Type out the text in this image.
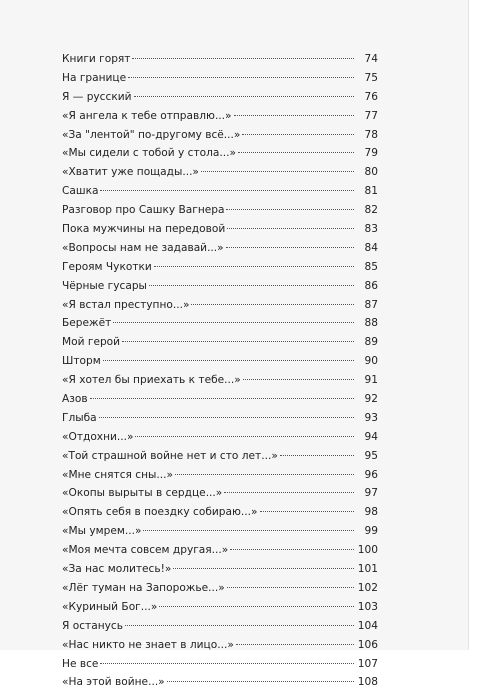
Книги горят	74
На границе	75
Я — русский	76
«Я ангела к тебе отправлю...»	77
«За "лентой" по-другому всё...»	78
«Мы сидели с тобой у стола...»	79
«Хватит уже пощады...»	80
Сашка	81
Разговор про Сашку Вагнера	82
Пока мужчины на передовой	83
«Вопросы нам не задавай...»	84
Героям Чукотки	85
Чёрные гусары	86
«Я встал преступно...»	87
Бережёт	88
Мой герой	89
Шторм	90
«Я хотел бы приехать к тебе...»	91
Азов	92
Глыба	93
«Отдохни...»	94
«Той страшной войне нет и сто лет...»	95
«Мне снятся сны...»	96
«Окопы вырыты в сердце...»	97
«Опять себя в поездку собираю...»	98
«Мы умрем...»	99
«Моя мечта совсем другая...»	100
«За нас молитесь!»	101
«Лёг туман на Запорожье...»	102
«Куриный Бог...»	103
Я останусь	104
«Нас никто не знает в лицо...»	106
Не все	107
«На этой войне...»	108
